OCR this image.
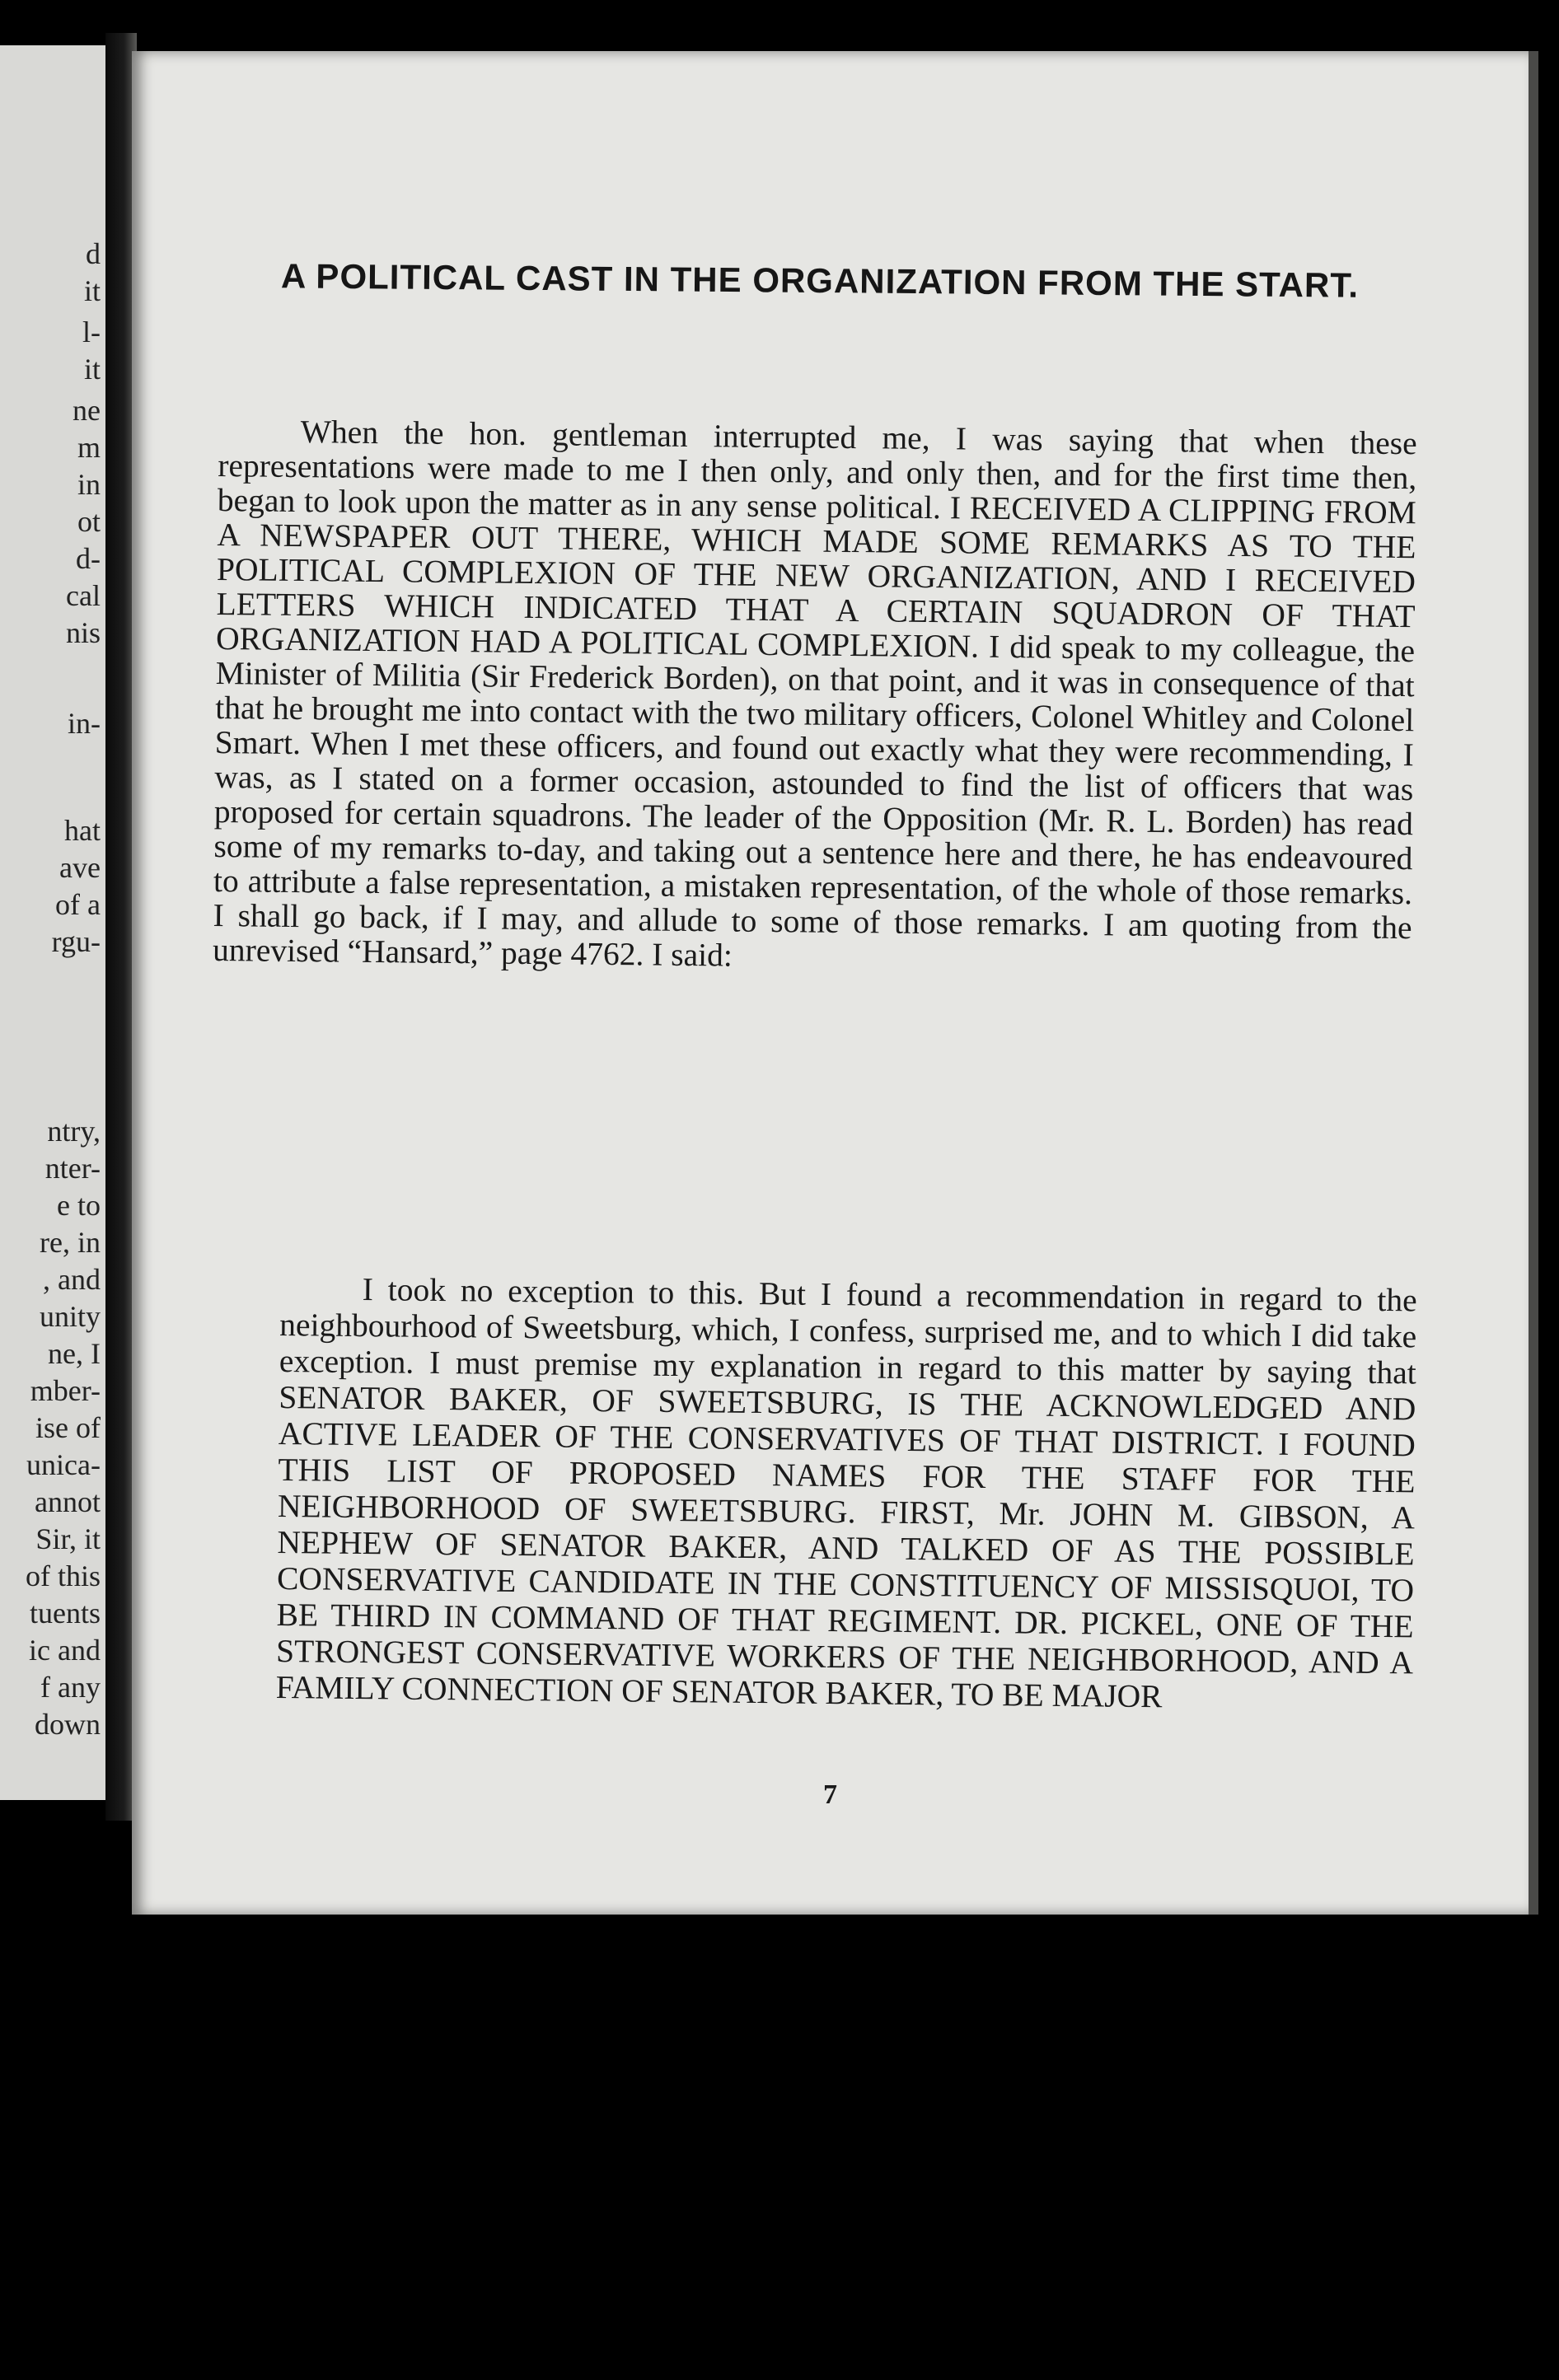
d
it
l-
it
ne
m
in
ot
d-
cal
nis
in-
hat
ave
of a
rgu-
ntry,
nter-
e to
re, in
, and
unity
ne, I
mber-
ise of
unica-
annot
Sir, it
of this
tuents
ic and
f any
down
A POLITICAL CAST IN THE ORGANIZATION FROM THE START.

When the hon. gentleman interrupted me, I was saying that when these representations were made to me I then only, and only then, and for the first time then, began to look upon the matter as in any sense political. I RECEIVED A CLIPPING FROM A NEWSPAPER OUT THERE, WHICH MADE SOME REMARKS AS TO THE POLITICAL COMPLEXION OF THE NEW ORGANIZATION, AND I RECEIVED LETTERS WHICH INDICATED THAT A CERTAIN SQUADRON OF THAT ORGANIZATION HAD A POLITICAL COMPLEXION. I did speak to my colleague, the Minister of Militia (Sir Frederick Borden), on that point, and it was in consequence of that that he brought me into contact with the two military officers, Colonel Whitley and Colonel Smart. When I met these officers, and found out exactly what they were recommending, I was, as I stated on a former occasion, astounded to find the list of officers that was proposed for certain squadrons. The leader of the Opposition (Mr. R. L. Borden) has read some of my remarks to-day, and taking out a sentence here and there, he has endeavoured to attribute a false representation, a mistaken representation, of the whole of those remarks. I shall go back, if I may, and allude to some of those remarks. I am quoting from the unrevised “Hansard,” page 4762. I said:

I took no exception to this. But I found a recommendation in regard to the neighbourhood of Sweetsburg, which, I confess, surprised me, and to which I did take exception. I must premise my explanation in regard to this matter by saying that SENATOR BAKER, OF SWEETSBURG, IS THE ACKNOWLEDGED AND ACTIVE LEADER OF THE CONSERVATIVES OF THAT DISTRICT. I FOUND THIS LIST OF PROPOSED NAMES FOR THE STAFF FOR THE NEIGHBORHOOD OF SWEETSBURG. FIRST, Mr. JOHN M. GIBSON, A NEPHEW OF SENATOR BAKER, AND TALKED OF AS THE POSSIBLE CONSERVATIVE CANDIDATE IN THE CONSTITUENCY OF MISSISQUOI, TO BE THIRD IN COMMAND OF THAT REGIMENT. DR. PICKEL, ONE OF THE STRONGEST CONSERVATIVE WORKERS OF THE NEIGHBORHOOD, AND A FAMILY CONNECTION OF SENATOR BAKER, TO BE MAJOR

7
